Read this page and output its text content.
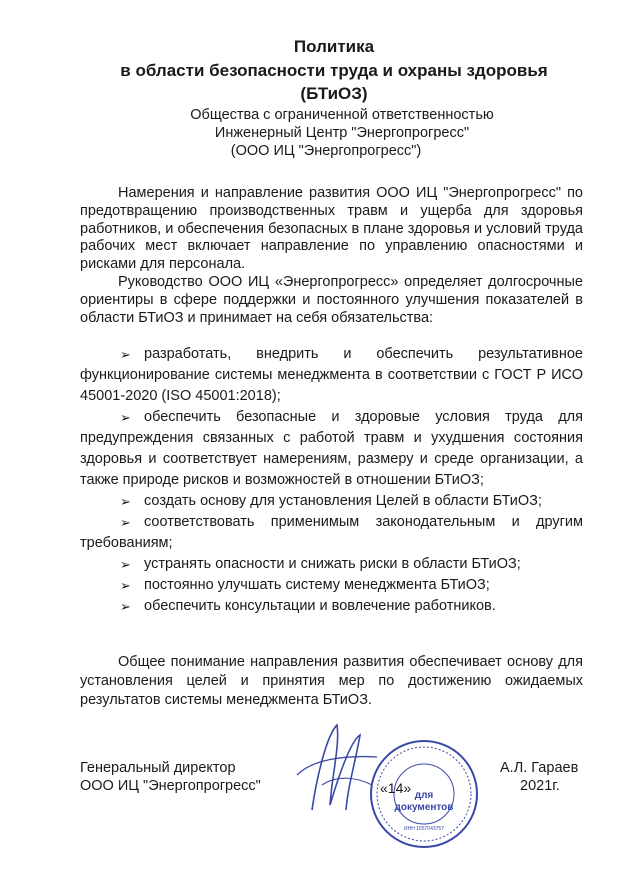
Политика
в области безопасности труда и охраны здоровья
(БТиОЗ)
Общества с ограниченной ответственностью
Инженерный Центр "Энергопрогресс"
(ООО ИЦ "Энергопрогресс")

Намерения и направление развития ООО ИЦ "Энергопрогресс" по предотвращению производственных травм и ущерба для здоровья работников, и обеспечения безопасных в плане здоровья и условий труда рабочих мест включает направление по управлению опасностями и рисками для персонала.

Руководство ООО ИЦ «Энергопрогресс» определяет долгосрочные ориентиры в сфере поддержки и постоянного улучшения показателей в области БТиОЗ и принимает на себя обязательства:

➢ разработать, внедрить и обеспечить результативное функционирование системы менеджмента в соответствии с ГОСТ Р ИСО 45001-2020 (ISO 45001:2018);
➢ обеспечить безопасные и здоровые условия труда для предупреждения связанных с работой травм и ухудшения состояния здоровья и соответствует намерениям, размеру и среде организации, а также природе рисков и возможностей в отношении БТиОЗ;
➢ создать основу для установления Целей в области БТиОЗ;
➢ соответствовать применимым законодательным и другим требованиям;
➢ устранять опасности и снижать риски в области БТиОЗ;
➢ постоянно улучшать систему менеджмента БТиОЗ;
➢ обеспечить консультации и вовлечение работников.

Общее понимание направления развития обеспечивает основу для установления целей и принятия мер по достижению ожидаемых результатов системы менеджмента БТиОЗ.

Генеральный директор
ООО ИЦ "Энергопрогресс"
А.Л. Гараев
2021г.
для
документов
ИНН 1657043757
«14»
